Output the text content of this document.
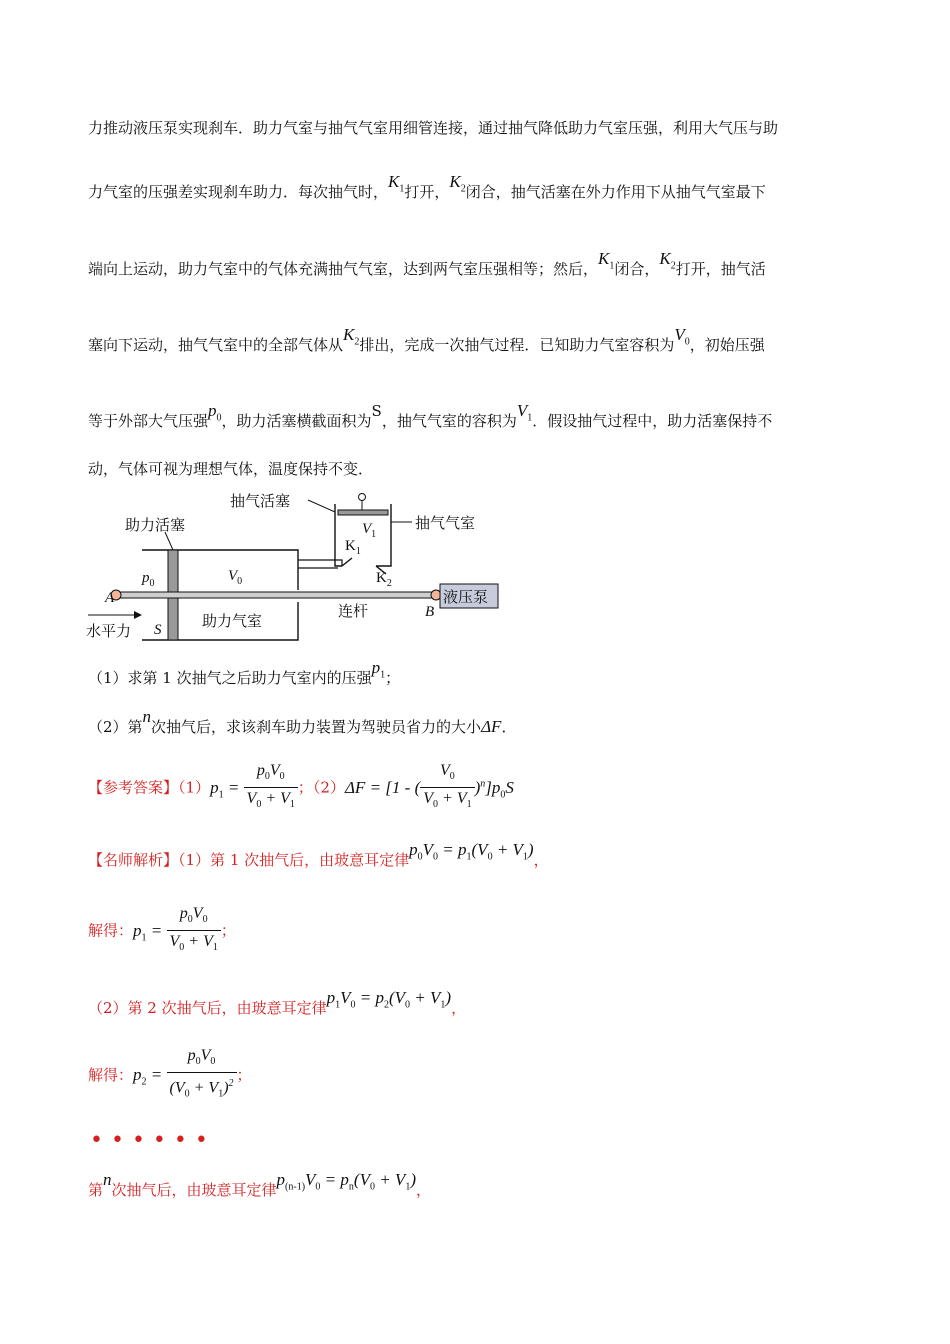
力推动液压泵实现刹车．助力气室与抽气气室用细管连接，通过抽气降低助力气室压强，利用大气压与助
力气室的压强差实现刹车助力．每次抽气时，$K_1$打开，$K_2$闭合，抽气活塞在外力作用下从抽气气室最下
端向上运动，助力气室中的气体充满抽气气室，达到两气室压强相等；然后，$K_1$闭合，$K_2$打开，抽气活
塞向下运动，抽气气室中的全部气体从$K_2$排出，完成一次抽气过程．已知助力气室容积为$V_0$，初始压强
等于外部大气压强$p_0$，助力活塞横截面积为S，抽气气室的容积为$V_1$．假设抽气过程中，助力活塞保持不
动，气体可视为理想气体，温度保持不变．
抽气活塞
$V_1$
抽气气室
$K_1$
$K_2$
$V_0$
助力气室
助力活塞
A
B
连杆
$p_0$
S
液压泵
水平力
（1）求第 1 次抽气之后助力气室内的压强$p_1$；
（2）第n次抽气后，求该刹车助力装置为驾驶员省力的大小ΔF．
【参考答案】$(1)p_1 = \frac{p_0V_0}{V_0 + V_1}$ ；（2）ΔF = [1 - ( $\frac{V_0}{V_0 + V_1} )^n]p_0S$
【名师解析】（1）第 1 次抽气后，由玻意耳定律$p_0V_0 = p_1(V_0 + V_1)$，
解得：$p_1 = \frac{p_0V_0}{V_0 + V_1}$ ；
（2）第 2 次抽气后，由玻意耳定律$p_1V_0 = p_2(V_0 + V_1)$，
解得：$p_2 = \frac{p_0V_0}{(V_0 + V_1)^2}$ ；
••••••
第n次抽气后，由玻意耳定律$p_{(n-1)}V_0 = p_n(V_0 + V_1)$，
